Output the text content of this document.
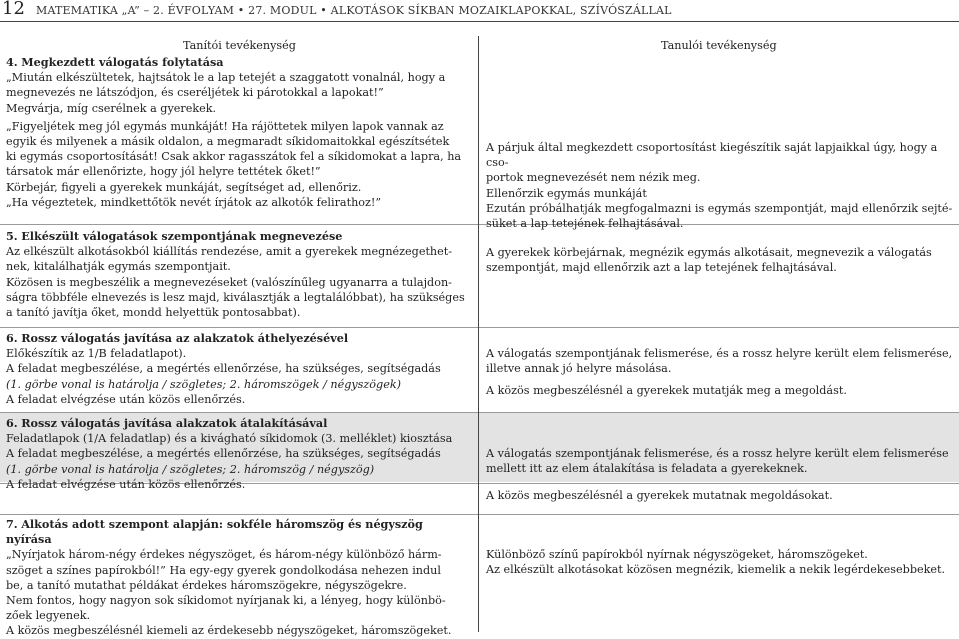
12 MATEMATIKA „A” – 2. ÉVFOLYAM • 27. MODUL • ALKOTÁSOK SÍKBAN MOZAIKLAPOKKAL, SZÍVÓSZÁLLAL
Tanítói tevékenység	Tanulói tevékenység

4. Megkezdett válogatás folytatása

„Miután elkészültetek, hajtsátok le a lap tetejét a szaggatott vonalnál, hogy a

megnevezés ne látszódjon, és cseréljétek ki párotokkal a lapokat!”

Megvárja, míg cserélnek a gyerekek.

„Figyeljétek meg jól egymás munkáját! Ha rájöttetek milyen lapok vannak az

egyik és milyenek a másik oldalon, a megmaradt síkidomaitokkal egészítsétek

ki egymás csoportosítását! Csak akkor ragasszátok fel a síkidomokat a lapra, ha

társatok már ellenőrizte, hogy jól helyre tettétek őket!”

Körbejár, figyeli a gyerekek munkáját, segítséget ad, ellenőriz.

„Ha végeztetek, mindkettőtök nevét írjátok az alkotók felirathoz!”

5. Elkészült válogatások szempontjának megnevezése

Az elkészült alkotásokból kiállítás rendezése, amit a gyerekek megnézegethet-

nek, kitalálhatják egymás szempontjait.

Közösen is megbeszélik a megnevezéseket (valószínűleg ugyanarra a tulajdon-

ságra többféle elnevezés is lesz majd, kiválasztják a legtalálóbbat), ha szükséges

a tanító javítja őket, mondd helyettük pontosabbat).

6. Rossz válogatás javítása az alakzatok áthelyezésével

Előkészítik az 1/B feladatlapot).

A feladat megbeszélése, a megértés ellenőrzése, ha szükséges, segítségadás

(1. görbe vonal is határolja / szögletes; 2. háromszögek / négyszögek)

A feladat elvégzése után közös ellenőrzés.

6. Rossz válogatás javítása alakzatok átalakításával

Feladatlapok (1/A feladatlap) és a kivágható síkidomok (3. melléklet) kiosztása

A feladat megbeszélése, a megértés ellenőrzése, ha szükséges, segítségadás

(1. görbe vonal is határolja / szögletes; 2. háromszög / négyszög)

A feladat elvégzése után közös ellenőrzés.

7. Alkotás adott szempont alapján: sokféle háromszög és négyszög nyírása

„Nyírjatok három-négy érdekes négyszöget, és három-négy különböző hárm-

szöget a színes papírokból!” Ha egy-egy gyerek gondolkodása nehezen indul

be, a tanító mutathat példákat érdekes háromszögekre, négyszögekre.

Nem fontos, hogy nagyon sok síkidomot nyírjanak ki, a lényeg, hogy különbö-

zőek legyenek.

A közös megbeszélésnél kiemeli az érdekesebb négyszögeket, háromszögeket.

A párjuk által megkezdett csoportosítást kiegészítik saját lapjaikkal úgy, hogy a cso-

portok megnevezését nem nézik meg.

Ellenőrzik egymás munkáját

Ezután próbálhatják megfogalmazni is egymás szempontját, majd ellenőrzik sejté-

süket a lap tetejének felhajtásával.

A gyerekek körbejárnak, megnézik egymás alkotásait, megnevezik a válogatás

szempontját, majd ellenőrzik azt a lap tetejének felhajtásával.

A válogatás szempontjának felismerése, és a rossz helyre került elem felismerése,

illetve annak jó helyre másolása.

A közös megbeszélésnél a gyerekek mutatják meg a megoldást.

A válogatás szempontjának felismerése, és a rossz helyre került elem felismerése

mellett itt az elem átalakítása is feladata a gyerekeknek.

A közös megbeszélésnél a gyerekek mutatnak megoldásokat.

Különböző színű papírokból nyírnak négyszögeket, háromszögeket.

Az elkészült alkotásokat közösen megnézik, kiemelik a nekik legérdekesebbeket.
